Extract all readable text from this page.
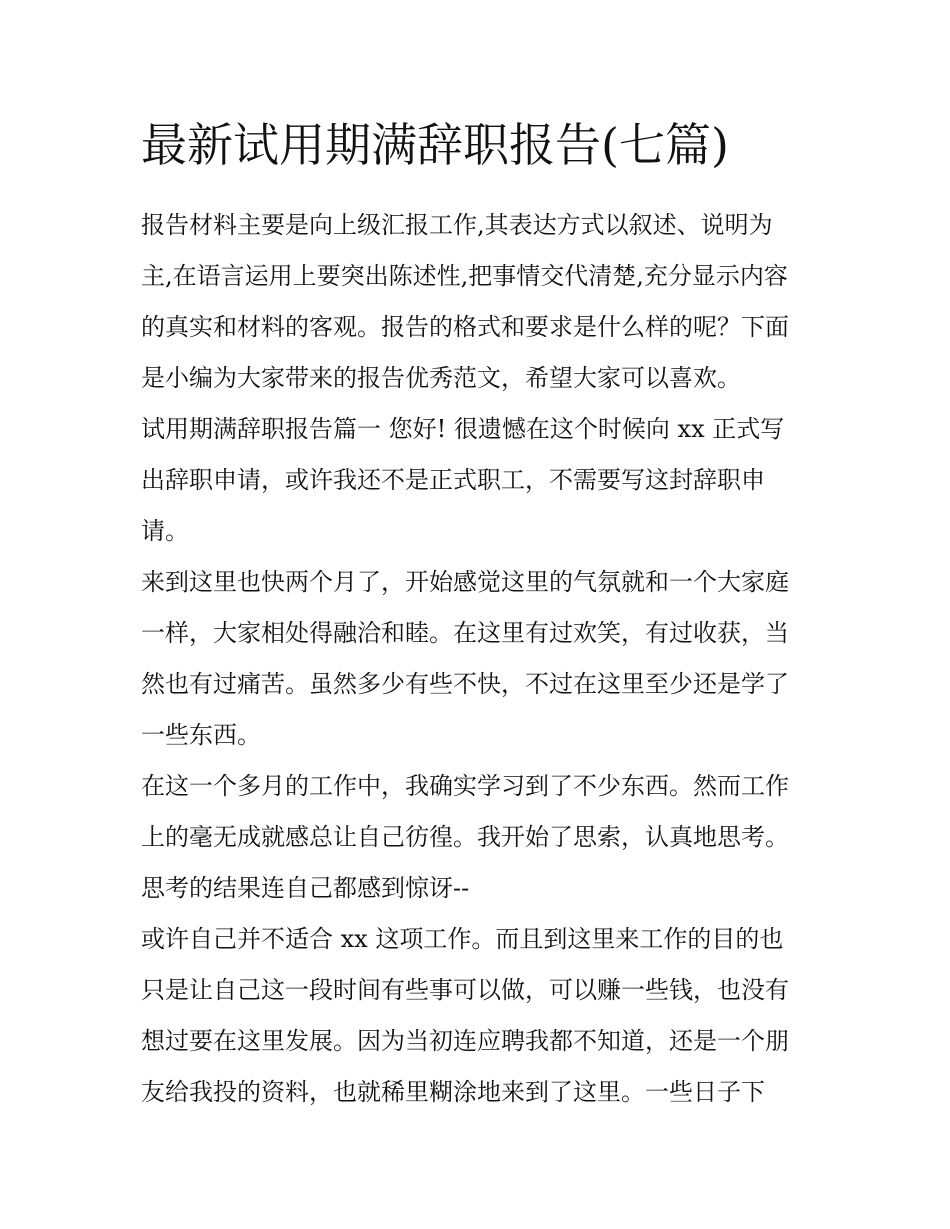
最新试用期满辞职报告(七篇)
报告材料主要是向上级汇报工作,其表达方式以叙述、说明为
主,在语言运用上要突出陈述性,把事情交代清楚,充分显示内容
的真实和材料的客观。报告的格式和要求是什么样的呢？下面
是小编为大家带来的报告优秀范文，希望大家可以喜欢。
试用期满辞职报告篇一 您好! 很遗憾在这个时候向 xx 正式写
出辞职申请，或许我还不是正式职工，不需要写这封辞职申
请。
来到这里也快两个月了，开始感觉这里的气氛就和一个大家庭
一样，大家相处得融洽和睦。在这里有过欢笑，有过收获，当
然也有过痛苦。虽然多少有些不快，不过在这里至少还是学了
一些东西。
在这一个多月的工作中，我确实学习到了不少东西。然而工作
上的毫无成就感总让自己彷徨。我开始了思索，认真地思考。
思考的结果连自己都感到惊讶--
或许自己并不适合 xx 这项工作。而且到这里来工作的目的也
只是让自己这一段时间有些事可以做，可以赚一些钱，也没有
想过要在这里发展。因为当初连应聘我都不知道，还是一个朋
友给我投的资料，也就稀里糊涂地来到了这里。一些日子下
